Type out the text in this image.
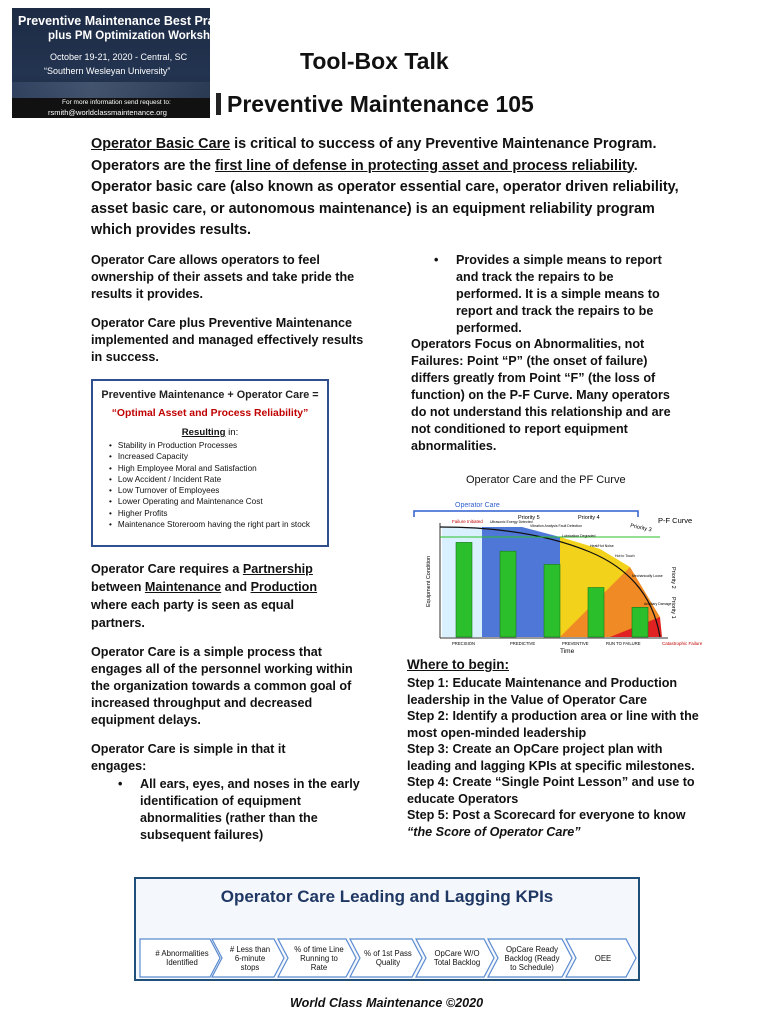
Preventive Maintenance Best Practices
plus PM Optimization Workshop
October 19-21, 2020 - Central, SC
“Southern Wesleyan University”
For more information send request to:
rsmith@worldclassmaintenance.org
Tool-Box Talk
Preventive Maintenance 105
Operator Basic Care is critical to success of any Preventive Maintenance Program. Operators are the first line of defense in protecting asset and process reliability. Operator basic care (also known as operator essential care, operator driven reliability, asset basic care, or autonomous maintenance) is an equipment reliability program which provides results.
Operator Care allows operators to feel ownership of their assets and take pride the results it provides.
Operator Care plus Preventive Maintenance implemented and managed effectively results in success.
Preventive Maintenance + Operator Care =
“Optimal Asset and Process Reliability”
Resulting in:
• Stability in Production Processes
• Increased Capacity
• High Employee Moral and Satisfaction
• Low Accident / Incident Rate
• Low Turnover of Employees
• Lower Operating and Maintenance Cost
• Higher Profits
• Maintenance Storeroom having the right part in stock
Operator Care requires a Partnership between Maintenance and Production where each party is seen as equal partners.
Operator Care is a simple process that engages all of the personnel working within the organization towards a common goal of increased throughput and decreased equipment delays.
Operator Care is simple in that it engages:
• All ears, eyes, and noses in the early identification of equipment abnormalities (rather than the subsequent failures)
• Provides a simple means to report and track the repairs to be performed. It is a simple means to report and track the repairs to be performed.
Operators Focus on Abnormalities, not Failures: Point “P” (the onset of failure) differs greatly from Point “F” (the loss of function) on the P-F Curve. Many operators do not understand this relationship and are not conditioned to report equipment abnormalities.
Operator Care and the PF Curve
Operator Care
Priority 5	Priority 4
Priority 3
P-F Curve
Priority 2
Priority 1
Equipment Condition
Time
Failure Initiated
Catastrophic Failure
PRECISION	PREDICTIVE	PREVENTIVE	RUN TO FAILURE
Ultrasonic Energy Detected
Vibration Analysis Fault Detection
Lubrication Degraded
Heat/Hot Noise
Hot to Touch
Mechanically Loose
Ancillary Damage
Where to begin:
Step 1: Educate Maintenance and Production leadership in the Value of Operator Care
Step 2: Identify a production area or line with the most open-minded leadership
Step 3: Create an OpCare project plan with leading and lagging KPIs at specific milestones.
Step 4: Create “Single Point Lesson” and use to educate Operators
Step 5: Post a Scorecard for everyone to know “the Score of Operator Care”
Operator Care Leading and Lagging KPIs
# Abnormalities Identified
# Less than 6-minute stops
% of time Line Running to Rate
% of 1st Pass Quality
OpCare W/O Total Backlog
OpCare Ready Backlog (Ready to Schedule)
OEE
World Class Maintenance ©2020
